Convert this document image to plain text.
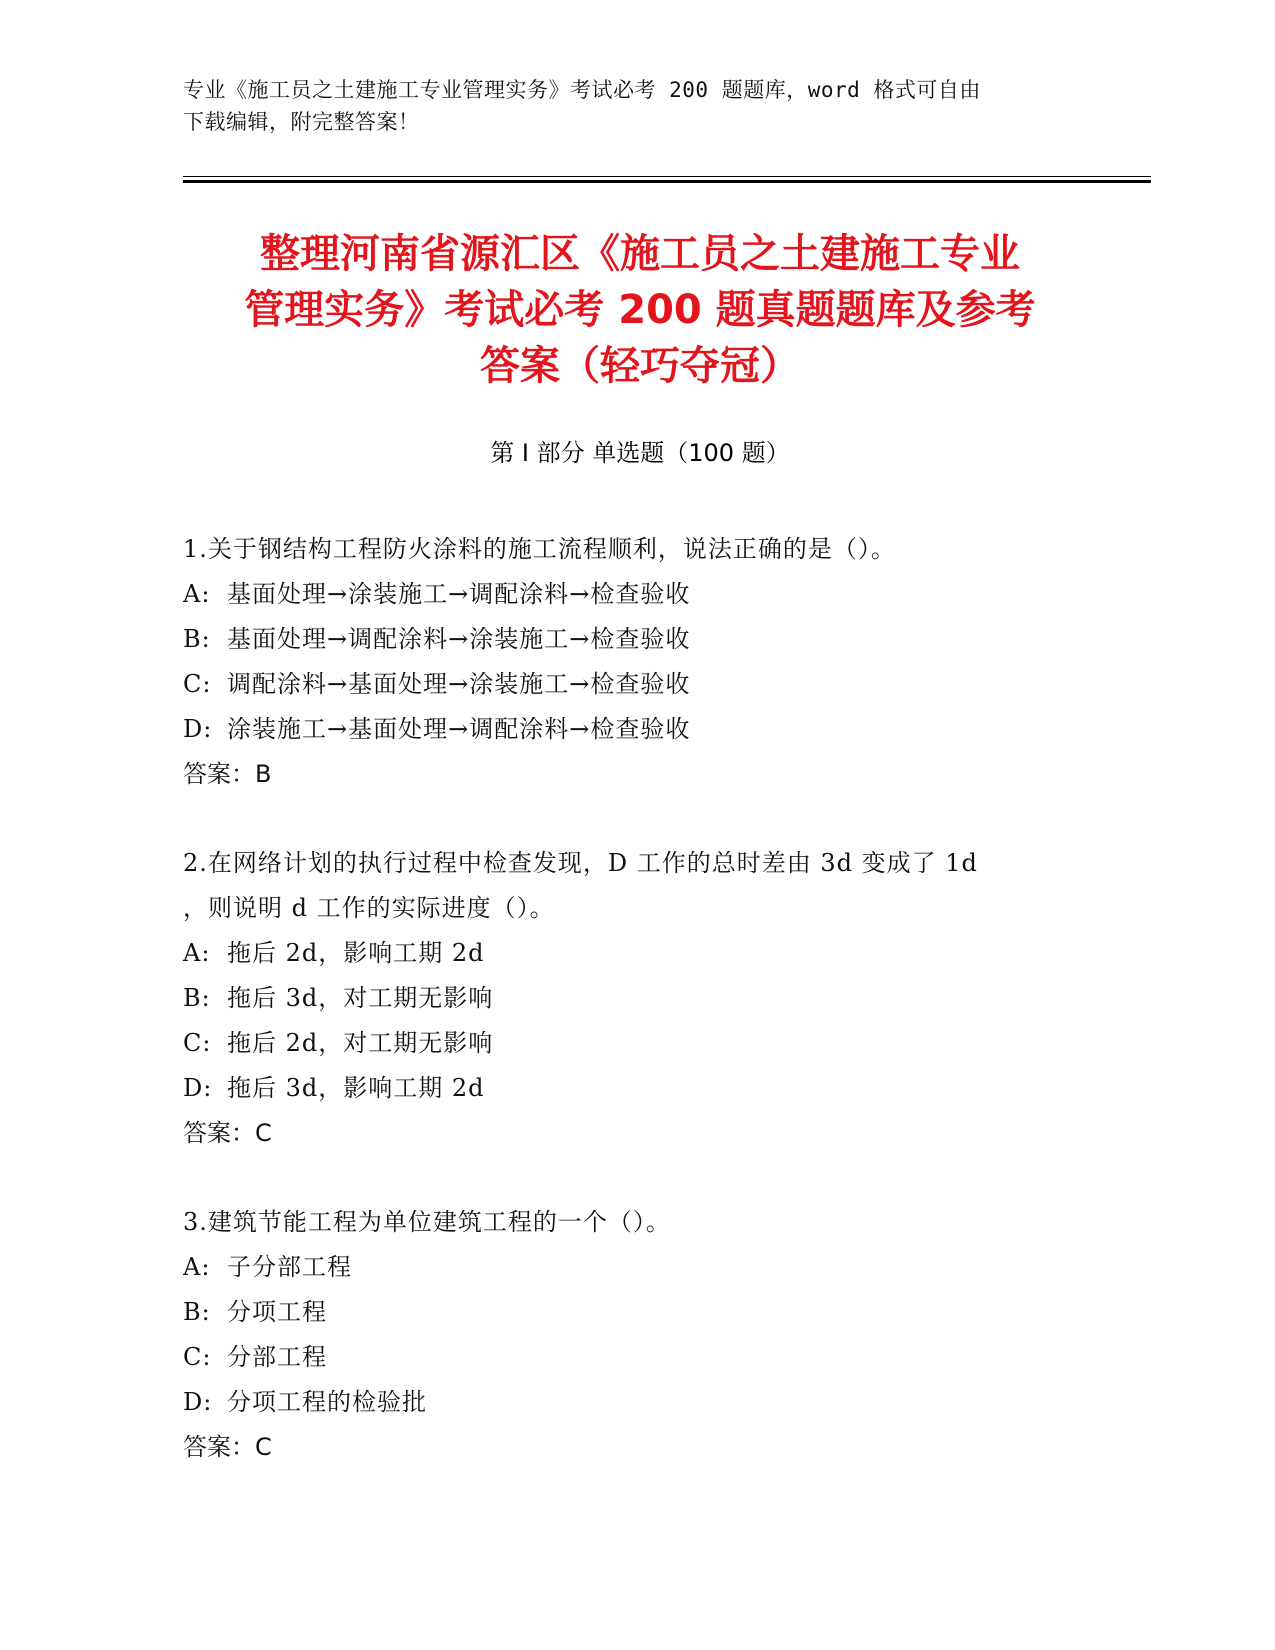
专业《施工员之土建施工专业管理实务》考试必考 200 题题库，word 格式可自由
下载编辑，附完整答案！
整理河南省源汇区《施工员之土建施工专业
管理实务》考试必考 200 题真题题库及参考
答案（轻巧夺冠）
第 I 部分 单选题（100 题）
1.关于钢结构工程防火涂料的施工流程顺利，说法正确的是（）。
A: 基面处理→涂装施工→调配涂料→检查验收
B: 基面处理→调配涂料→涂装施工→检查验收
C: 调配涂料→基面处理→涂装施工→检查验收
D: 涂装施工→基面处理→调配涂料→检查验收
答案：B
2.在网络计划的执行过程中检查发现，D 工作的总时差由 3d 变成了 1d
，则说明 d 工作的实际进度（）。
A: 拖后 2d，影响工期 2d
B: 拖后 3d，对工期无影响
C: 拖后 2d，对工期无影响
D: 拖后 3d，影响工期 2d
答案：C
3.建筑节能工程为单位建筑工程的一个（）。
A: 子分部工程
B: 分项工程
C: 分部工程
D: 分项工程的检验批
答案：C
